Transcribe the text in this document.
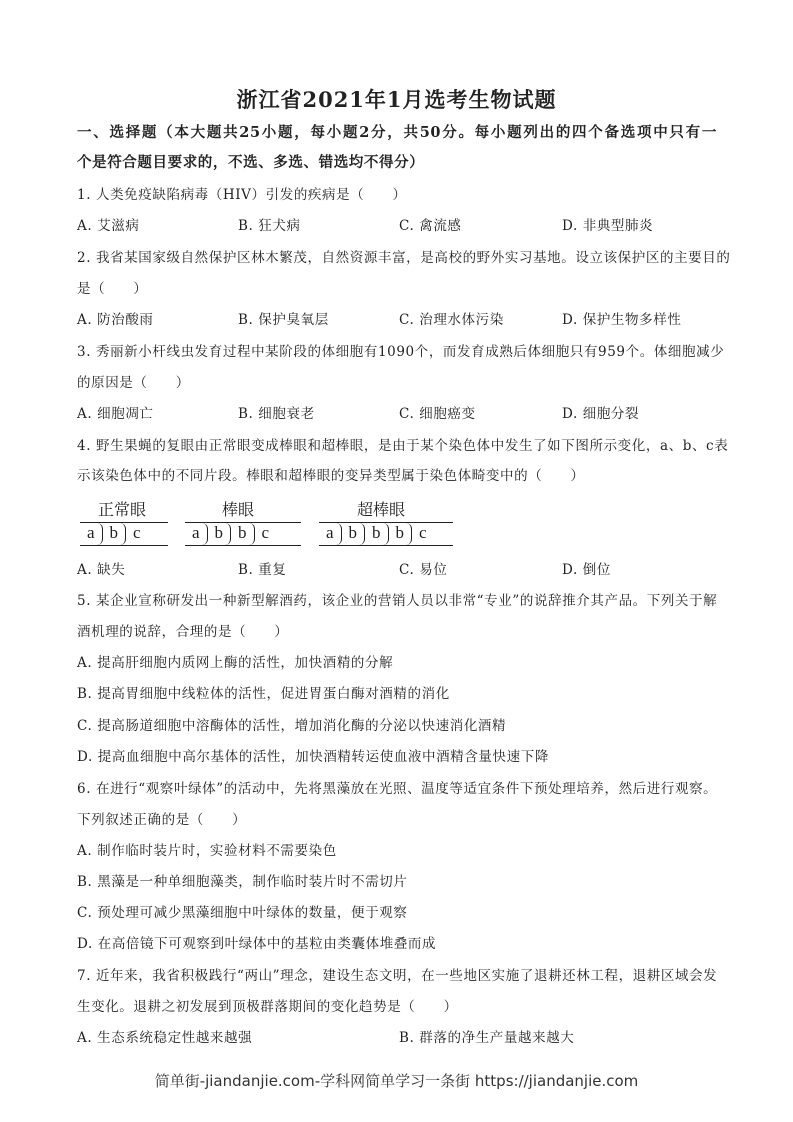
浙江省2021年1月选考生物试题
一、选择题（本大题共25小题，每小题2分，共50分。每小题列出的四个备选项中只有一
个是符合题目要求的，不选、多选、错选均不得分）
1. 人类免疫缺陷病毒（HIV）引发的疾病是（　　）
A. 艾滋病	B. 狂犬病	C. 禽流感	D. 非典型肺炎
2. 我省某国家级自然保护区林木繁茂，自然资源丰富，是高校的野外实习基地。设立该保护区的主要目的
是（　　）
A. 防治酸雨	B. 保护臭氧层	C. 治理水体污染	D. 保护生物多样性
3. 秀丽新小杆线虫发育过程中某阶段的体细胞有1090个，而发育成熟后体细胞只有959个。体细胞减少
的原因是（　　）
A. 细胞凋亡	B. 细胞衰老	C. 细胞癌变	D. 细胞分裂
4. 野生果蝇的复眼由正常眼变成棒眼和超棒眼，是由于某个染色体中发生了如下图所示变化，a、b、c表
示该染色体中的不同片段。棒眼和超棒眼的变异类型属于染色体畸变中的（　　）
正常眼
a b c
棒眼
a b b c
超棒眼
a b b b c
A. 缺失	B. 重复	C. 易位	D. 倒位
5. 某企业宣称研发出一种新型解酒药，该企业的营销人员以非常“专业”的说辞推介其产品。下列关于解
酒机理的说辞，合理的是（　　）
A. 提高肝细胞内质网上酶的活性，加快酒精的分解
B. 提高胃细胞中线粒体的活性，促进胃蛋白酶对酒精的消化
C. 提高肠道细胞中溶酶体的活性，增加消化酶的分泌以快速消化酒精
D. 提高血细胞中高尔基体的活性，加快酒精转运使血液中酒精含量快速下降
6. 在进行“观察叶绿体”的活动中，先将黑藻放在光照、温度等适宜条件下预处理培养，然后进行观察。
下列叙述正确的是（　　）
A. 制作临时装片时，实验材料不需要染色
B. 黑藻是一种单细胞藻类，制作临时装片时不需切片
C. 预处理可减少黑藻细胞中叶绿体的数量，便于观察
D. 在高倍镜下可观察到叶绿体中的基粒由类囊体堆叠而成
7. 近年来，我省积极践行“两山”理念，建设生态文明，在一些地区实施了退耕还林工程，退耕区域会发
生变化。退耕之初发展到顶极群落期间的变化趋势是（　　）
A. 生态系统稳定性越来越强	B. 群落的净生产量越来越大
简单街-jiandanjie.com-学科网简单学习一条街 https://jiandanjie.com
